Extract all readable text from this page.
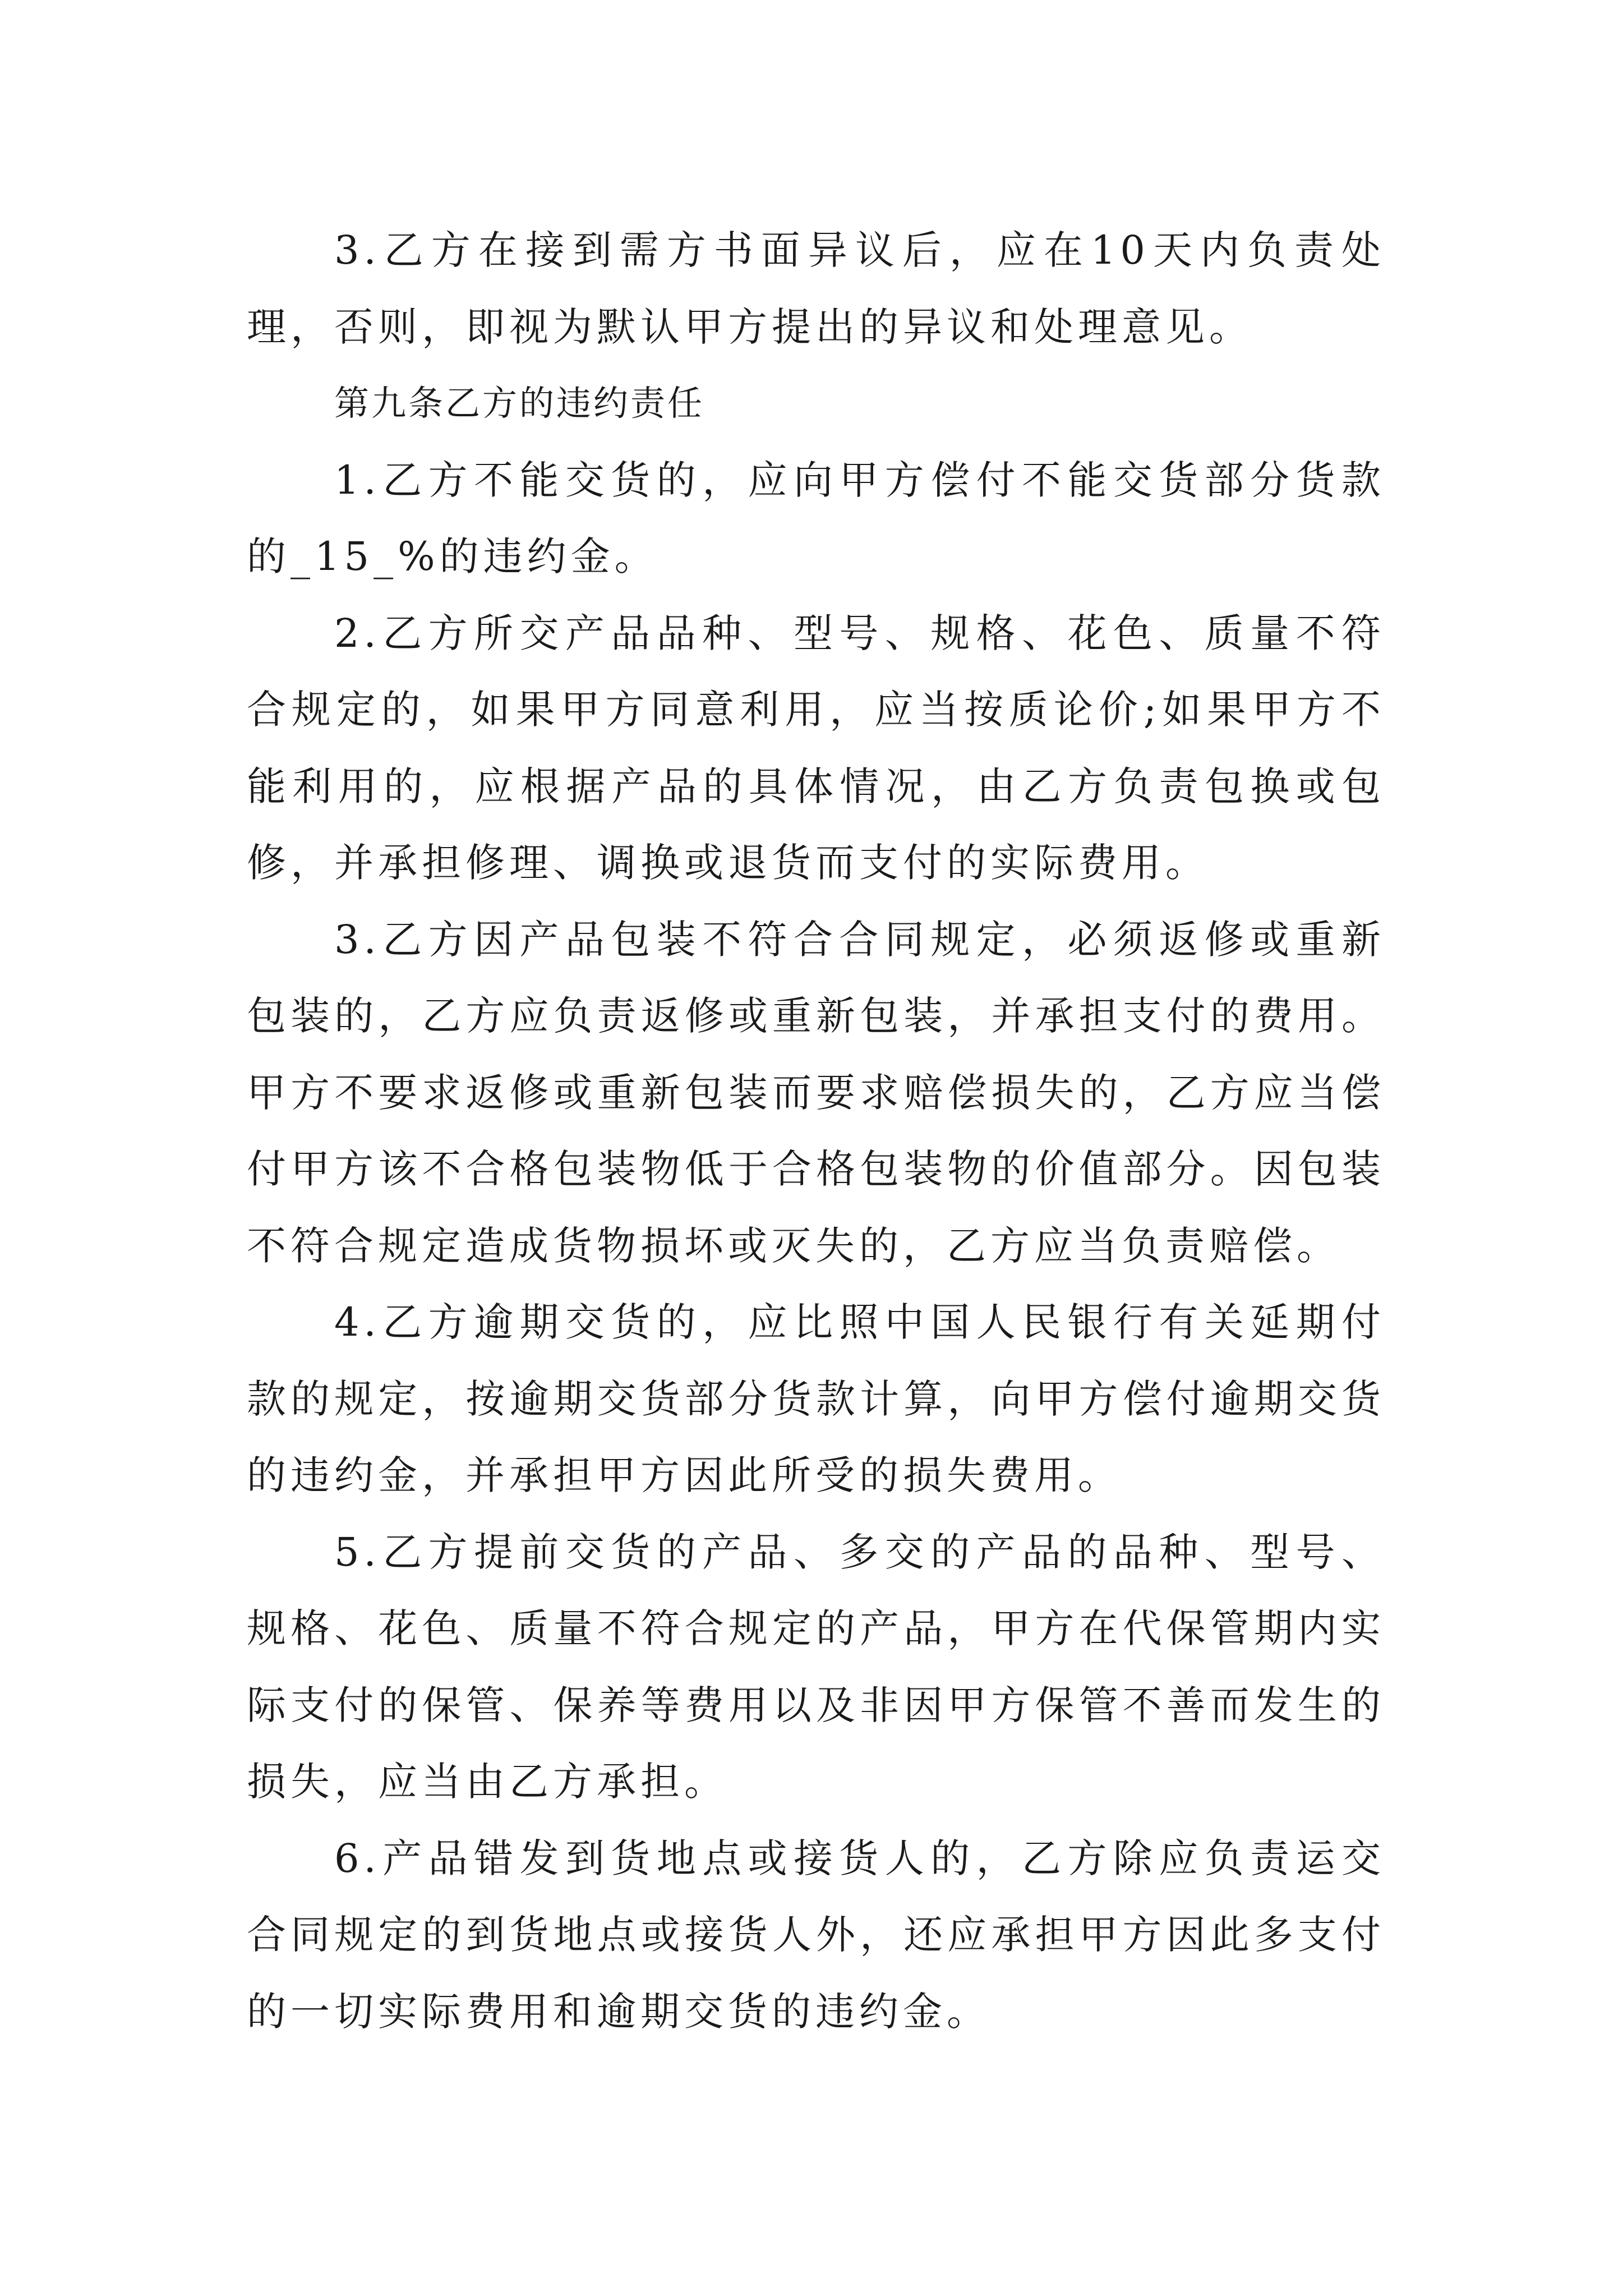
3.乙方在接到需方书面异议后，应在10天内负责处理，否则，即视为默认甲方提出的异议和处理意见。

第九条乙方的违约责任

1.乙方不能交货的，应向甲方偿付不能交货部分货款的_15_%的违约金。

2.乙方所交产品品种、型号、规格、花色、质量不符合规定的，如果甲方同意利用，应当按质论价;如果甲方不能利用的，应根据产品的具体情况，由乙方负责包换或包修，并承担修理、调换或退货而支付的实际费用。

3.乙方因产品包装不符合合同规定，必须返修或重新包装的，乙方应负责返修或重新包装，并承担支付的费用。甲方不要求返修或重新包装而要求赔偿损失的，乙方应当偿付甲方该不合格包装物低于合格包装物的价值部分。因包装不符合规定造成货物损坏或灭失的，乙方应当负责赔偿。

4.乙方逾期交货的，应比照中国人民银行有关延期付款的规定，按逾期交货部分货款计算，向甲方偿付逾期交货的违约金，并承担甲方因此所受的损失费用。

5.乙方提前交货的产品、多交的产品的品种、型号、规格、花色、质量不符合规定的产品，甲方在代保管期内实际支付的保管、保养等费用以及非因甲方保管不善而发生的损失，应当由乙方承担。

6.产品错发到货地点或接货人的，乙方除应负责运交合同规定的到货地点或接货人外，还应承担甲方因此多支付的一切实际费用和逾期交货的违约金。
